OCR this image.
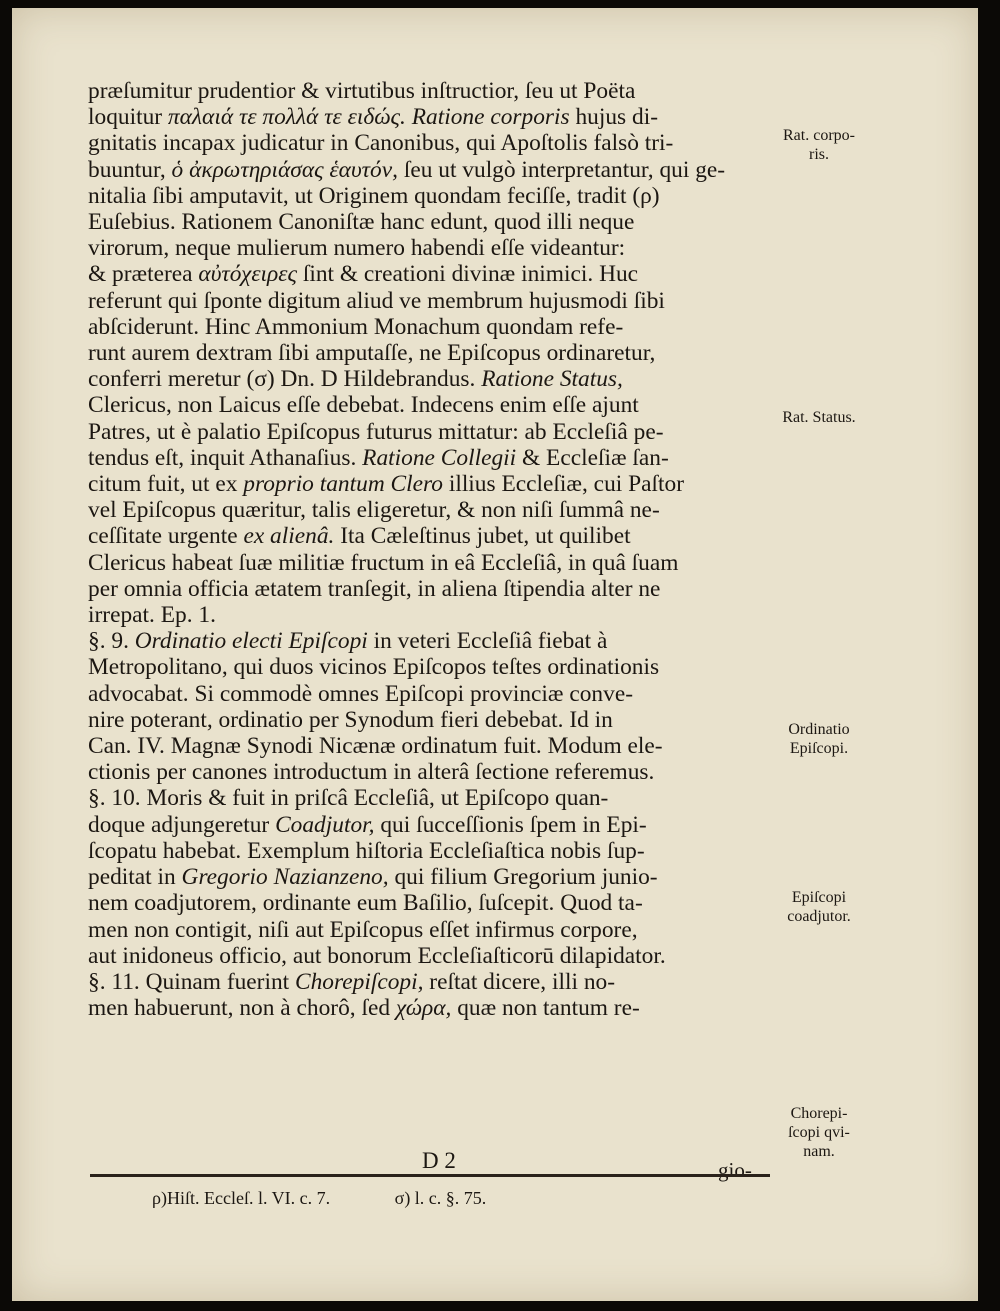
præſumitur prudentior & virtutibus inſtructior, ſeu ut Poëta
loquitur παλαιά τε πολλά τε ειδώς. Ratione corporis hujus di-
gnitatis incapax judicatur in Canonibus, qui Apoſtolis falsò tri-
buuntur, ὁ ἀκρωτηριάσας ἑαυτόν, ſeu ut vulgò interpretantur, qui ge-
nitalia ſibi amputavit, ut Originem quondam feciſſe, tradit (ρ)
Euſebius. Rationem Canoniſtæ hanc edunt, quod illi neque
virorum, neque mulierum numero habendi eſſe videantur:
& præterea αὐτόχειρες ſint & creationi divinæ inimici. Huc
referunt qui ſponte digitum aliud ve membrum hujusmodi ſibi
abſciderunt. Hinc Ammonium Monachum quondam refe-
runt aurem dextram ſibi amputaſſe, ne Epiſcopus ordinaretur,
conferri meretur (σ) Dn. D Hildebrandus. Ratione Status,
Clericus, non Laicus eſſe debebat. Indecens enim eſſe ajunt
Patres, ut è palatio Epiſcopus futurus mittatur: ab Eccleſiâ pe-
tendus eſt, inquit Athanaſius. Ratione Collegii & Eccleſiæ ſan-
citum fuit, ut ex proprio tantum Clero illius Eccleſiæ, cui Paſtor
vel Epiſcopus quæritur, talis eligeretur, & non niſi ſummâ ne-
ceſſitate urgente ex alienâ. Ita Cæleſtinus jubet, ut quilibet
Clericus habeat ſuæ militiæ fructum in eâ Eccleſiâ, in quâ ſuam
per omnia officia ætatem tranſegit, in aliena ſtipendia alter ne
irrepat. Ep. 1.
§. 9. Ordinatio electi Epiſcopi in veteri Eccleſiâ fiebat à
Metropolitano, qui duos vicinos Epiſcopos teſtes ordinationis
advocabat. Si commodè omnes Epiſcopi provinciæ conve-
nire poterant, ordinatio per Synodum fieri debebat. Id in
Can. IV. Magnæ Synodi Nicænæ ordinatum fuit. Modum ele-
ctionis per canones introductum in alterâ ſectione referemus.
§. 10. Moris & fuit in priſcâ Eccleſiâ, ut Epiſcopo quan-
doque adjungeretur Coadjutor, qui ſucceſſionis ſpem in Epi-
ſcopatu habebat. Exemplum hiſtoria Eccleſiaſtica nobis ſup-
peditat in Gregorio Nazianzeno, qui filium Gregorium junio-
nem coadjutorem, ordinante eum Baſilio, ſuſcepit. Quod ta-
men non contigit, niſi aut Epiſcopus eſſet infirmus corpore,
aut inidoneus officio, aut bonorum Eccleſiaſticorū dilapidator.
§. 11. Quinam fuerint Chorepiſcopi, reſtat dicere, illi no-
men habuerunt, non à chorô, ſed χώρα, quæ non tantum re-
Rat. corpo-
ris.
Rat. Status.
Ordinatio
Epiſcopi.
Epiſcopi
coadjutor.
Chorepi-
ſcopi qvi-
nam.
D 2	gio-
ρ)Hiſt. Eccleſ. l. VI. c. 7.	σ) l. c. §. 75.
